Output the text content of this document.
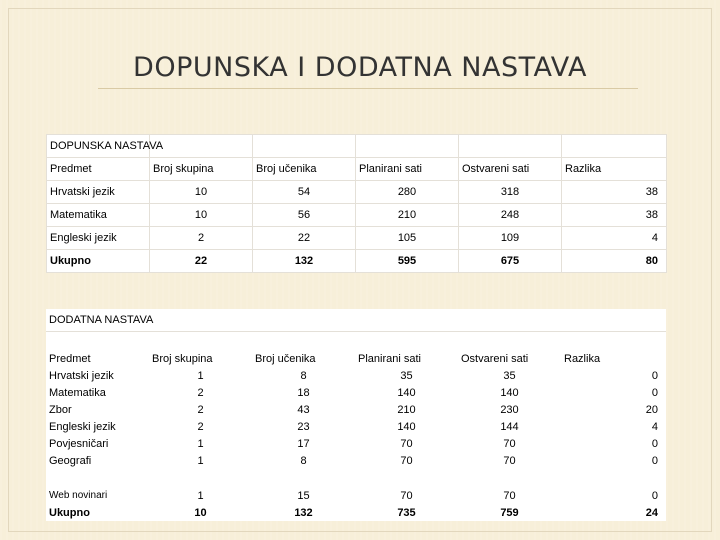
DOPUNSKA I DODATNA NASTAVA
DOPUNSKA NASTAVA					
Predmet	Broj skupina	Broj učenika	Planirani sati	Ostvareni sati	Razlika
Hrvatski jezik	10	54	280	318	38
Matematika	10	56	210	248	38
Engleski jezik	2	22	105	109	4
Ukupno	22	132	595	675	80
DODATNA NASTAVA					

Predmet	Broj skupina	Broj učenika	Planirani sati	Ostvareni sati	Razlika
Hrvatski jezik	1	8	35	35	0
Matematika	2	18	140	140	0
Zbor	2	43	210	230	20
Engleski jezik	2	23	140	144	4
Povjesničari	1	17	70	70	0
Geografi	1	8	70	70	0

Web novinari	1	15	70	70	0
Ukupno	10	132	735	759	24
